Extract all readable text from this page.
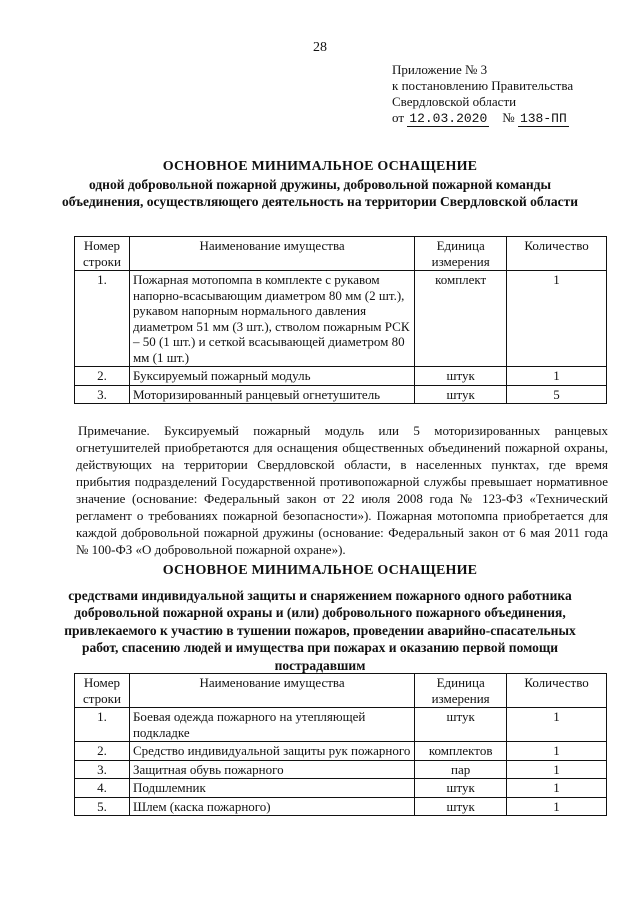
28
Приложение № 3
к постановлению Правительства
Свердловской области
от 12.03.2020 № 138-ПП
ОСНОВНОЕ МИНИМАЛЬНОЕ ОСНАЩЕНИЕ
одной добровольной пожарной дружины, добровольной пожарной команды объединения, осуществляющего деятельность на территории Свердловской области
Номер строки	Наименование имущества	Единица измерения	Количество
1.	Пожарная мотопомпа в комплекте с рукавом напорно-всасывающим диаметром 80 мм (2 шт.), рукавом напорным нормального давления диаметром 51 мм (3 шт.), стволом пожарным РСК – 50 (1 шт.) и сеткой всасывающей диаметром 80 мм (1 шт.)	комплект	1
2.	Буксируемый пожарный модуль	штук	1
3.	Моторизированный ранцевый огнетушитель	штук	5
Примечание. Буксируемый пожарный модуль или 5 моторизированных ранцевых огнетушителей приобретаются для оснащения общественных объединений пожарной охраны, действующих на территории Свердловской области, в населенных пунктах, где время прибытия подразделений Государственной противопожарной службы превышает нормативное значение (основание: Федеральный закон от 22 июля 2008 года № 123-ФЗ «Технический регламент о требованиях пожарной безопасности»). Пожарная мотопомпа приобретается для каждой добровольной пожарной дружины (основание: Федеральный закон от 6 мая 2011 года № 100-ФЗ «О добровольной пожарной охране»).
ОСНОВНОЕ МИНИМАЛЬНОЕ ОСНАЩЕНИЕ
средствами индивидуальной защиты и снаряжением пожарного одного работника добровольной пожарной охраны и (или) добровольного пожарного объединения, привлекаемого к участию в тушении пожаров, проведении аварийно-спасательных работ, спасению людей и имущества при пожарах и оказанию первой помощи пострадавшим
Номер строки	Наименование имущества	Единица измерения	Количество
1.	Боевая одежда пожарного на утепляющей подкладке	штук	1
2.	Средство индивидуальной защиты рук пожарного	комплектов	1
3.	Защитная обувь пожарного	пар	1
4.	Подшлемник	штук	1
5.	Шлем (каска пожарного)	штук	1
